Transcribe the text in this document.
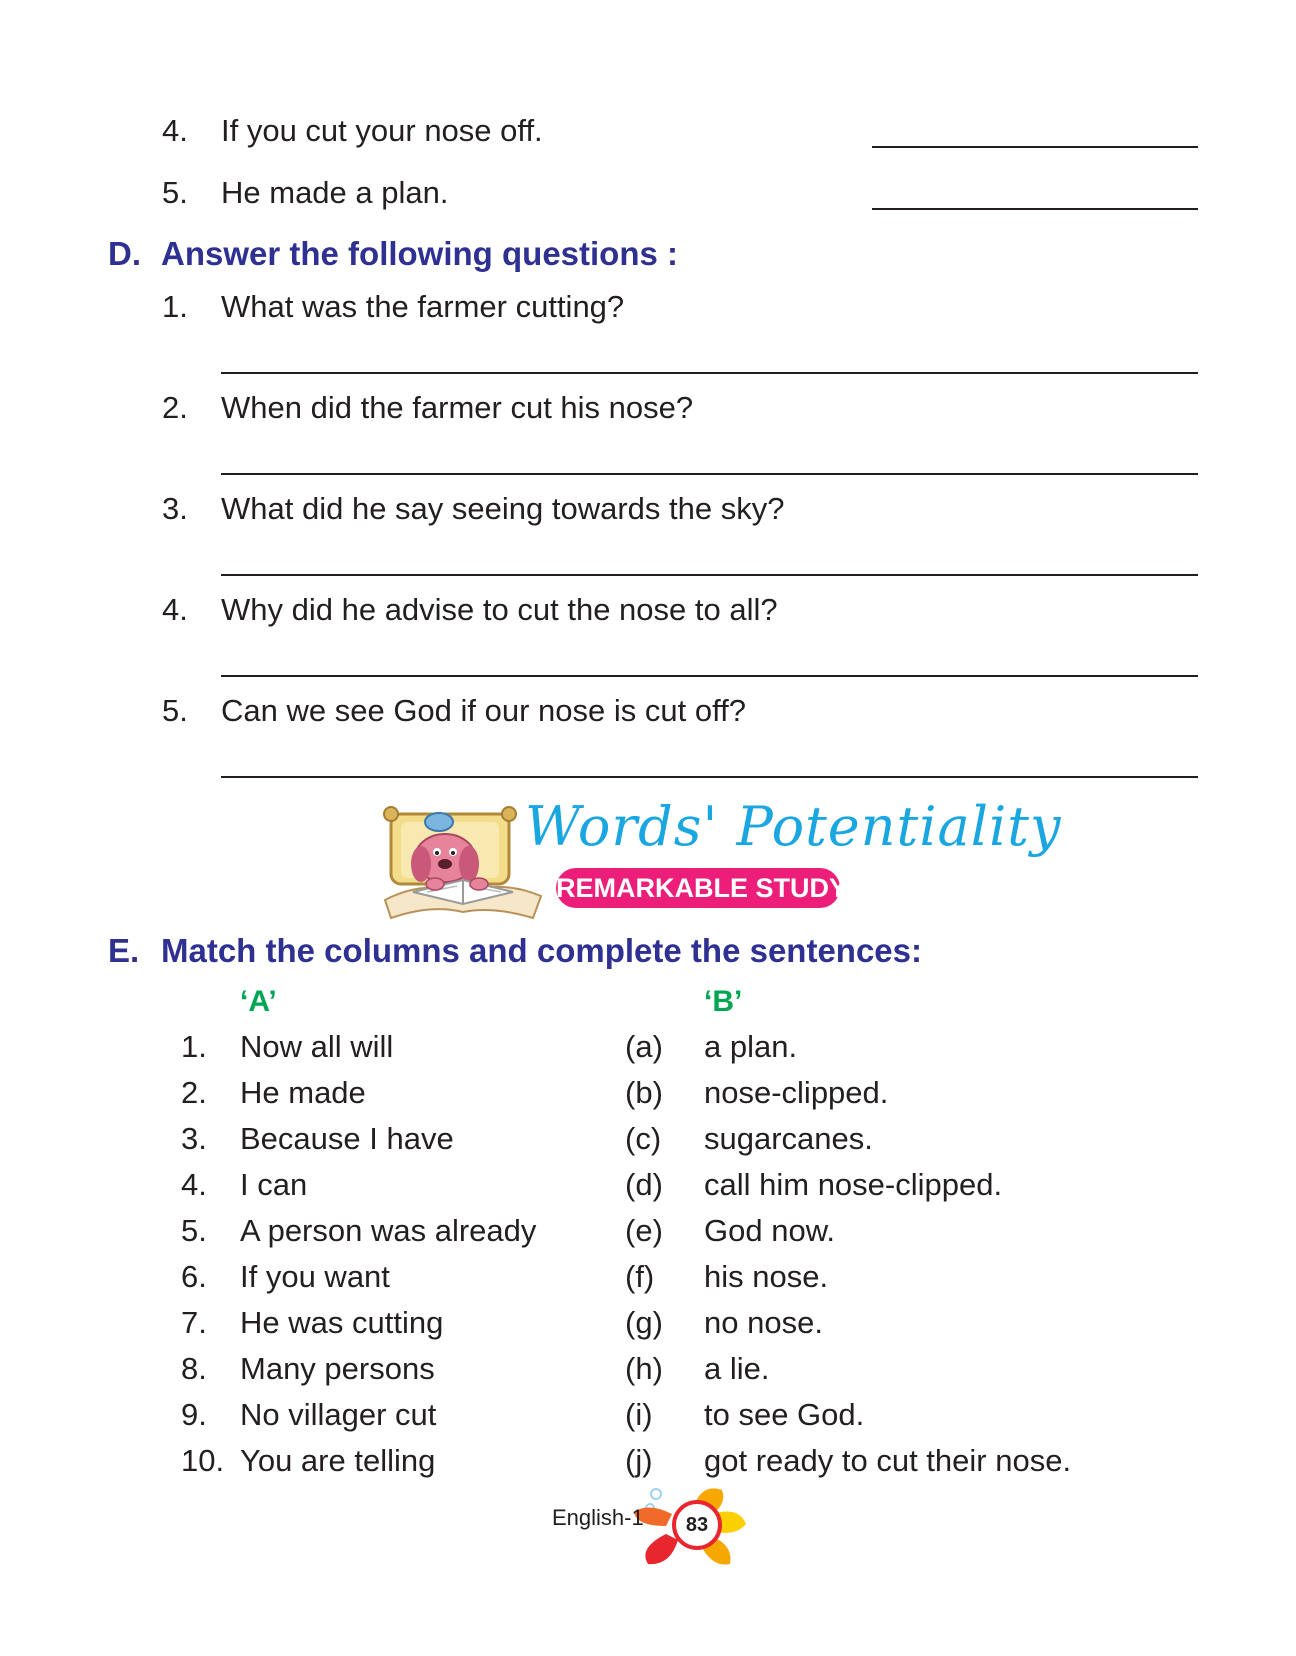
4. If you cut your nose off.
5. He made a plan.
D. Answer the following questions :
1. What was the farmer cutting?
2. When did the farmer cut his nose?
3. What did he say seeing towards the sky?
4. Why did he advise to cut the nose to all?
5. Can we see God if our nose is cut off?
Words' Potentiality
REMARKABLE STUDY
E. Match the columns and complete the sentences:
‘A’	‘B’
1. Now all will	(a) a plan.
2. He made	(b) nose-clipped.
3. Because I have	(c) sugarcanes.
4. I can	(d) call him nose-clipped.
5. A person was already	(e) God now.
6. If you want	(f) his nose.
7. He was cutting	(g) no nose.
8. Many persons	(h) a lie.
9. No villager cut	(i) to see God.
10. You are telling	(j) got ready to cut their nose.
English-1	83
